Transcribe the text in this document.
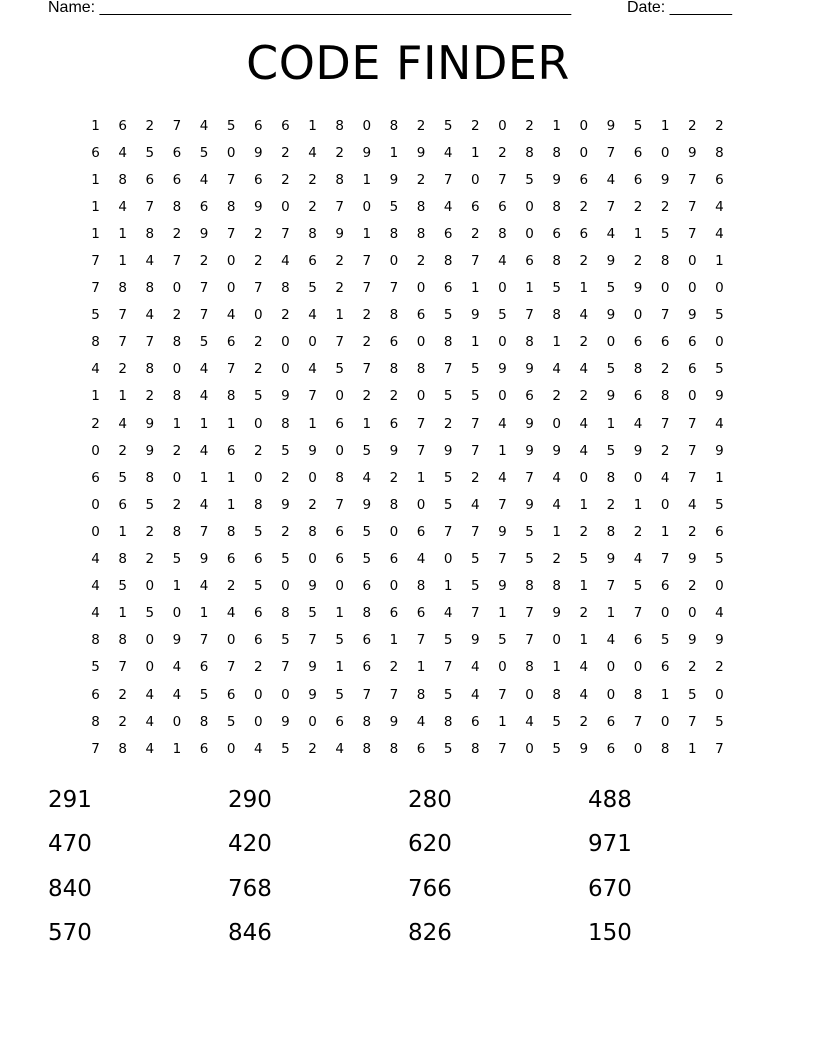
Name: _____________________________________________________	Date: _______
CODE FINDER
1	6	2	7	4	5	6	6	1	8	0	8	2	5	2	0	2	1	0	9	5	1	2	2
6	4	5	6	5	0	9	2	4	2	9	1	9	4	1	2	8	8	0	7	6	0	9	8
1	8	6	6	4	7	6	2	2	8	1	9	2	7	0	7	5	9	6	4	6	9	7	6
1	4	7	8	6	8	9	0	2	7	0	5	8	4	6	6	0	8	2	7	2	2	7	4
1	1	8	2	9	7	2	7	8	9	1	8	8	6	2	8	0	6	6	4	1	5	7	4
7	1	4	7	2	0	2	4	6	2	7	0	2	8	7	4	6	8	2	9	2	8	0	1
7	8	8	0	7	0	7	8	5	2	7	7	0	6	1	0	1	5	1	5	9	0	0	0
5	7	4	2	7	4	0	2	4	1	2	8	6	5	9	5	7	8	4	9	0	7	9	5
8	7	7	8	5	6	2	0	0	7	2	6	0	8	1	0	8	1	2	0	6	6	6	0
4	2	8	0	4	7	2	0	4	5	7	8	8	7	5	9	9	4	4	5	8	2	6	5
1	1	2	8	4	8	5	9	7	0	2	2	0	5	5	0	6	2	2	9	6	8	0	9
2	4	9	1	1	1	0	8	1	6	1	6	7	2	7	4	9	0	4	1	4	7	7	4
0	2	9	2	4	6	2	5	9	0	5	9	7	9	7	1	9	9	4	5	9	2	7	9
6	5	8	0	1	1	0	2	0	8	4	2	1	5	2	4	7	4	0	8	0	4	7	1
0	6	5	2	4	1	8	9	2	7	9	8	0	5	4	7	9	4	1	2	1	0	4	5
0	1	2	8	7	8	5	2	8	6	5	0	6	7	7	9	5	1	2	8	2	1	2	6
4	8	2	5	9	6	6	5	0	6	5	6	4	0	5	7	5	2	5	9	4	7	9	5
4	5	0	1	4	2	5	0	9	0	6	0	8	1	5	9	8	8	1	7	5	6	2	0
4	1	5	0	1	4	6	8	5	1	8	6	6	4	7	1	7	9	2	1	7	0	0	4
8	8	0	9	7	0	6	5	7	5	6	1	7	5	9	5	7	0	1	4	6	5	9	9
5	7	0	4	6	7	2	7	9	1	6	2	1	7	4	0	8	1	4	0	0	6	2	2
6	2	4	4	5	6	0	0	9	5	7	7	8	5	4	7	0	8	4	0	8	1	5	0
8	2	4	0	8	5	0	9	0	6	8	9	4	8	6	1	4	5	2	6	7	0	7	5
7	8	4	1	6	0	4	5	2	4	8	8	6	5	8	7	0	5	9	6	0	8	1	7
291	290	280	488
470	420	620	971
840	768	766	670
570	846	826	150
